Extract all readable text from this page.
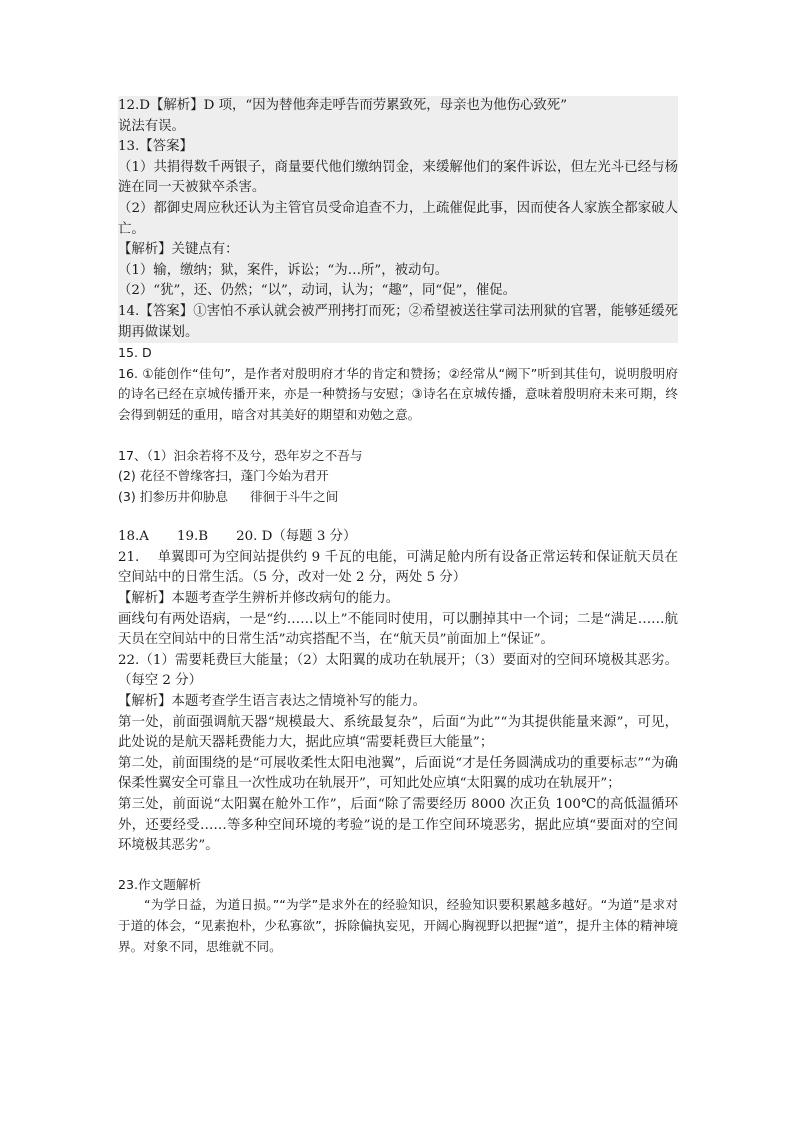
12.D【解析】D 项，“因为替他奔走呼告而劳累致死，母亲也为他伤心致死”

说法有误。

13.【答案】

（1）共捐得数千两银子，商量要代他们缴纳罚金，来缓解他们的案件诉讼，但左光斗已经与杨涟在同一天被狱卒杀害。

（2）都御史周应秋还认为主管官员受命追查不力，上疏催促此事，因而使各人家族全都家破人亡。

【解析】关键点有：

（1）输，缴纳；狱，案件，诉讼；“为…所”，被动句。

（2）“犹”，还、仍然；“以”，动词，认为；“趣”，同“促”，催促。

14.【答案】①害怕不承认就会被严刑拷打而死；②希望被送往掌司法刑狱的官署，能够延缓死期再做谋划。

15. D

16. ①能创作“佳句”，是作者对殷明府才华的肯定和赞扬；②经常从“阙下”听到其佳句，说明殷明府的诗名已经在京城传播开来，亦是一种赞扬与安慰；③诗名在京城传播，意味着殷明府未来可期，终会得到朝廷的重用，暗含对其美好的期望和劝勉之意。

17、（1）汩余若将不及兮，恐年岁之不吾与

(2) 花径不曾缘客扫，蓬门今始为君开

(3) 扪参历井仰胁息 徘徊于斗牛之间

18.A 19.B 20. D（每题 3 分）

21.　 单翼即可为空间站提供约 9 千瓦的电能，可满足舱内所有设备正常运转和保证航天员在空间站中的日常生活。（5 分，改对一处 2 分，两处 5 分）

【解析】本题考查学生辨析并修改病句的能力。

画线句有两处语病，一是“约……以上”不能同时使用，可以删掉其中一个词；二是“满足……航天员在空间站中的日常生活”动宾搭配不当，在“航天员”前面加上“保证”。

22.（1）需要耗费巨大能量；（2）太阳翼的成功在轨展开；（3）要面对的空间环境极其恶劣。（每空 2 分）

【解析】本题考查学生语言表达之情境补写的能力。

第一处，前面强调航天器“规模最大、系统最复杂”，后面“为此”“为其提供能量来源”，可见，此处说的是航天器耗费能力大，据此应填“需要耗费巨大能量”；

第二处，前面围绕的是“可展收柔性太阳电池翼”，后面说“才是任务圆满成功的重要标志”“为确保柔性翼安全可靠且一次性成功在轨展开”，可知此处应填“太阳翼的成功在轨展开”；

第三处，前面说“太阳翼在舱外工作”，后面“除了需要经历 8000 次正负 100℃的高低温循环外，还要经受……等多种空间环境的考验”说的是工作空间环境恶劣，据此应填“要面对的空间环境极其恶劣”。

23.作文题解析

“为学日益，为道日损。”“为学”是求外在的经验知识，经验知识要积累越多越好。“为道”是求对于道的体会，“见素抱朴，少私寡欲”，拆除偏执妄见，开阔心胸视野以把握“道”，提升主体的精神境界。对象不同，思维就不同。
